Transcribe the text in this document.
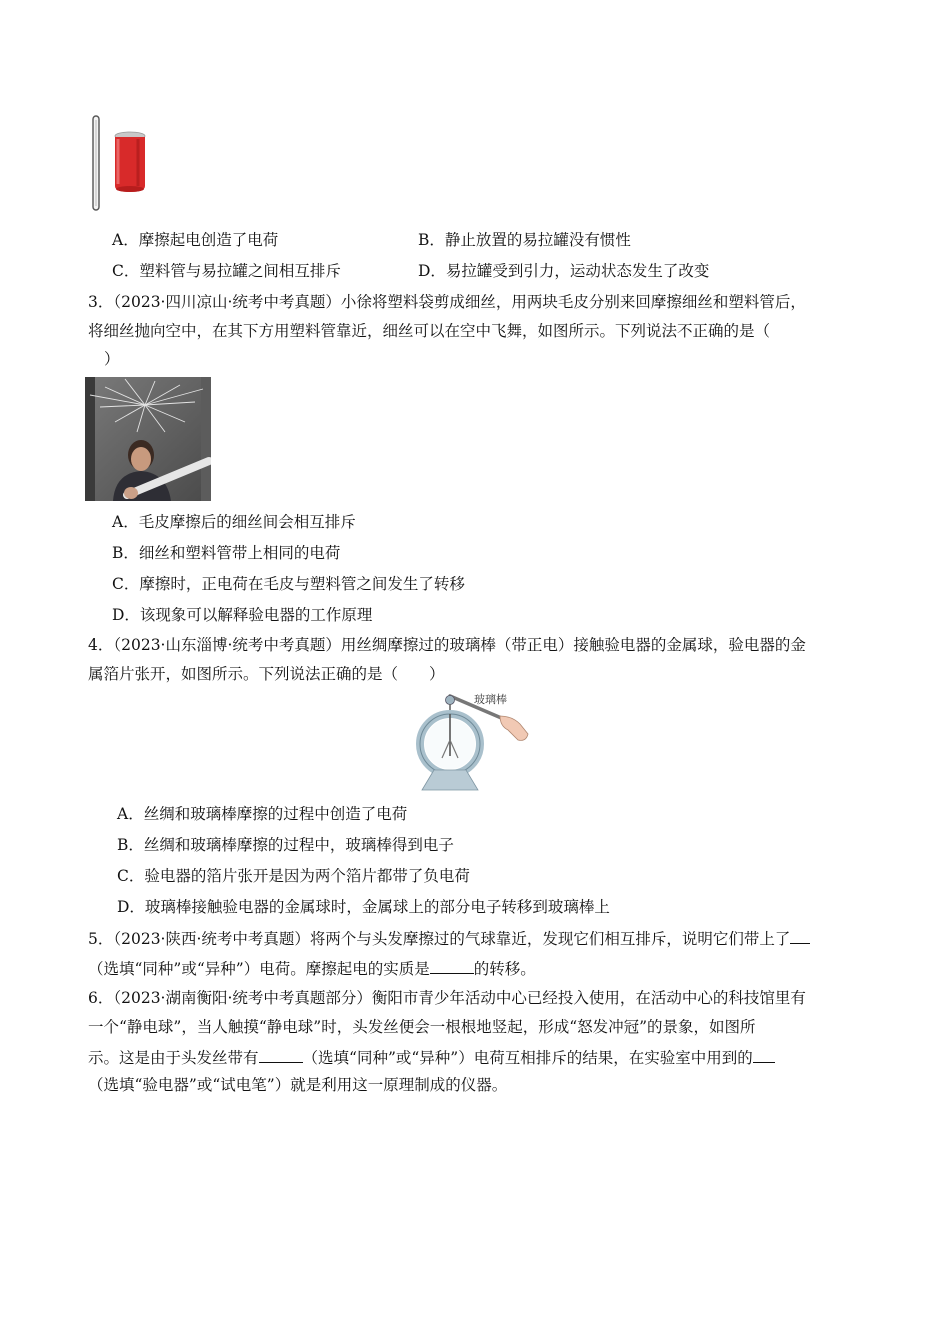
A．摩擦起电创造了电荷	B．静止放置的易拉罐没有惯性
C．塑料管与易拉罐之间相互排斥	D．易拉罐受到引力，运动状态发生了改变
3．（2023·四川凉山·统考中考真题）小徐将塑料袋剪成细丝，用两块毛皮分别来回摩擦细丝和塑料管后，
将细丝抛向空中，在其下方用塑料管靠近，细丝可以在空中飞舞，如图所示。下列说法不正确的是（
）
A．毛皮摩擦后的细丝间会相互排斥
B．细丝和塑料管带上相同的电荷
C．摩擦时，正电荷在毛皮与塑料管之间发生了转移
D．该现象可以解释验电器的工作原理
4．（2023·山东淄博·统考中考真题）用丝绸摩擦过的玻璃棒（带正电）接触验电器的金属球，验电器的金
属箔片张开，如图所示。下列说法正确的是（　　）
玻璃棒
A．丝绸和玻璃棒摩擦的过程中创造了电荷
B．丝绸和玻璃棒摩擦的过程中，玻璃棒得到电子
C．验电器的箔片张开是因为两个箔片都带了负电荷
D．玻璃棒接触验电器的金属球时，金属球上的部分电子转移到玻璃棒上
5．（2023·陕西·统考中考真题）将两个与头发摩擦过的气球靠近，发现它们相互排斥，说明它们带上了
（选填“同种”或“异种”）电荷。摩擦起电的实质是	的转移。
6．（2023·湖南衡阳·统考中考真题部分）衡阳市青少年活动中心已经投入使用，在活动中心的科技馆里有
一个“静电球”，当人触摸“静电球”时，头发丝便会一根根地竖起，形成“怒发冲冠”的景象，如图所
示。这是由于头发丝带有	（选填“同种”或“异种”）电荷互相排斥的结果，在实验室中用到的
（选填“验电器”或“试电笔”）就是利用这一原理制成的仪器。
